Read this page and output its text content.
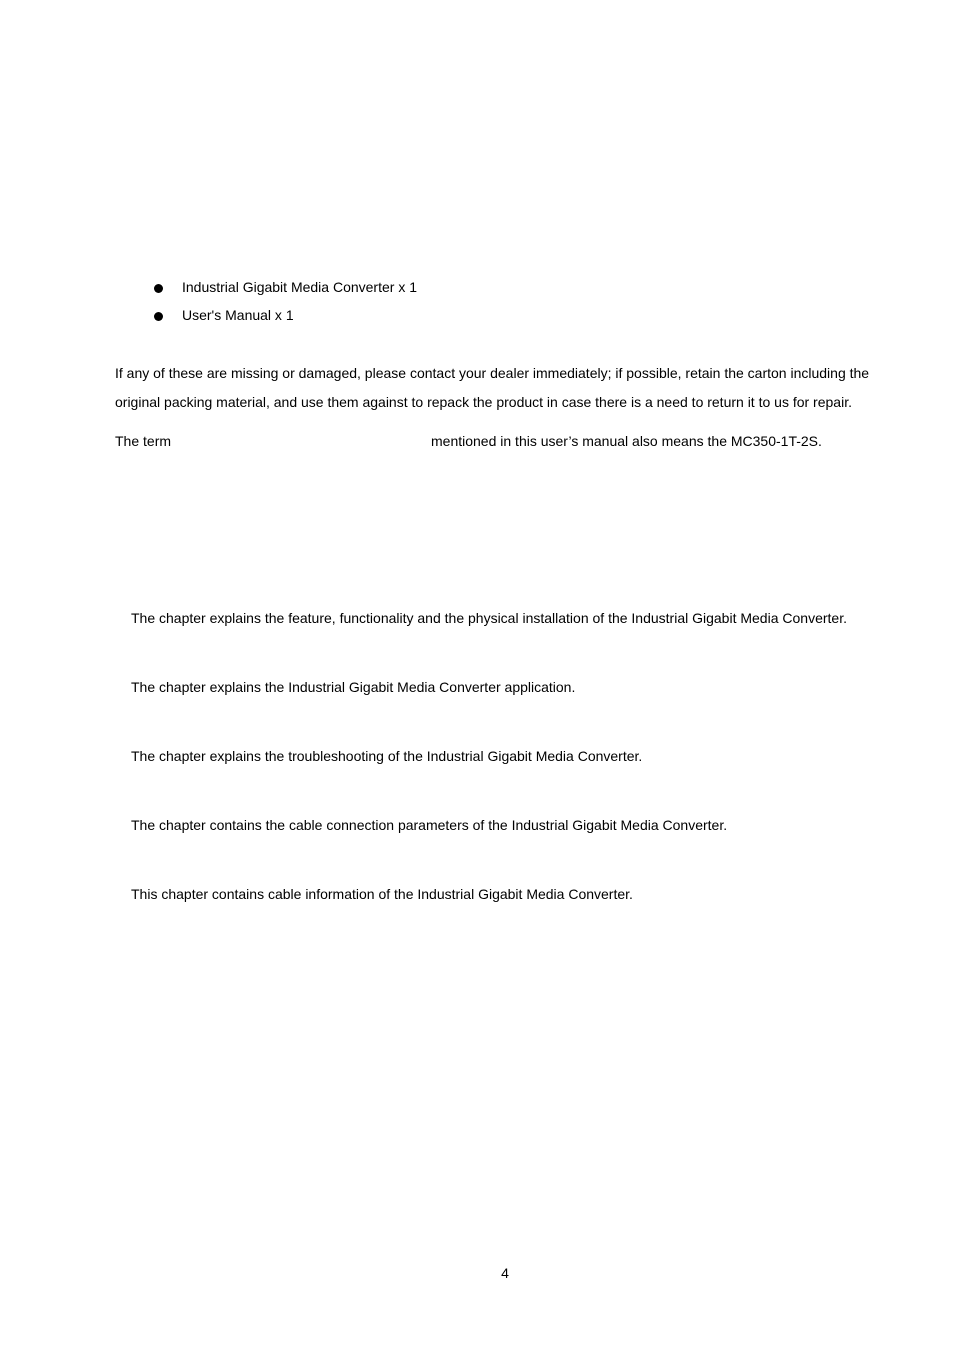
Industrial Gigabit Media Converter x 1
User's Manual x 1
If any of these are missing or damaged, please contact your dealer immediately; if possible, retain the carton including the
original packing material, and use them against to repack the product in case there is a need to return it to us for repair.
The term	mentioned in this user’s manual also means the MC350-1T-2S.
The chapter explains the feature, functionality and the physical installation of the Industrial Gigabit Media Converter.
The chapter explains the Industrial Gigabit Media Converter application.
The chapter explains the troubleshooting of the Industrial Gigabit Media Converter.
The chapter contains the cable connection parameters of the Industrial Gigabit Media Converter.
This chapter contains cable information of the Industrial Gigabit Media Converter.
4
